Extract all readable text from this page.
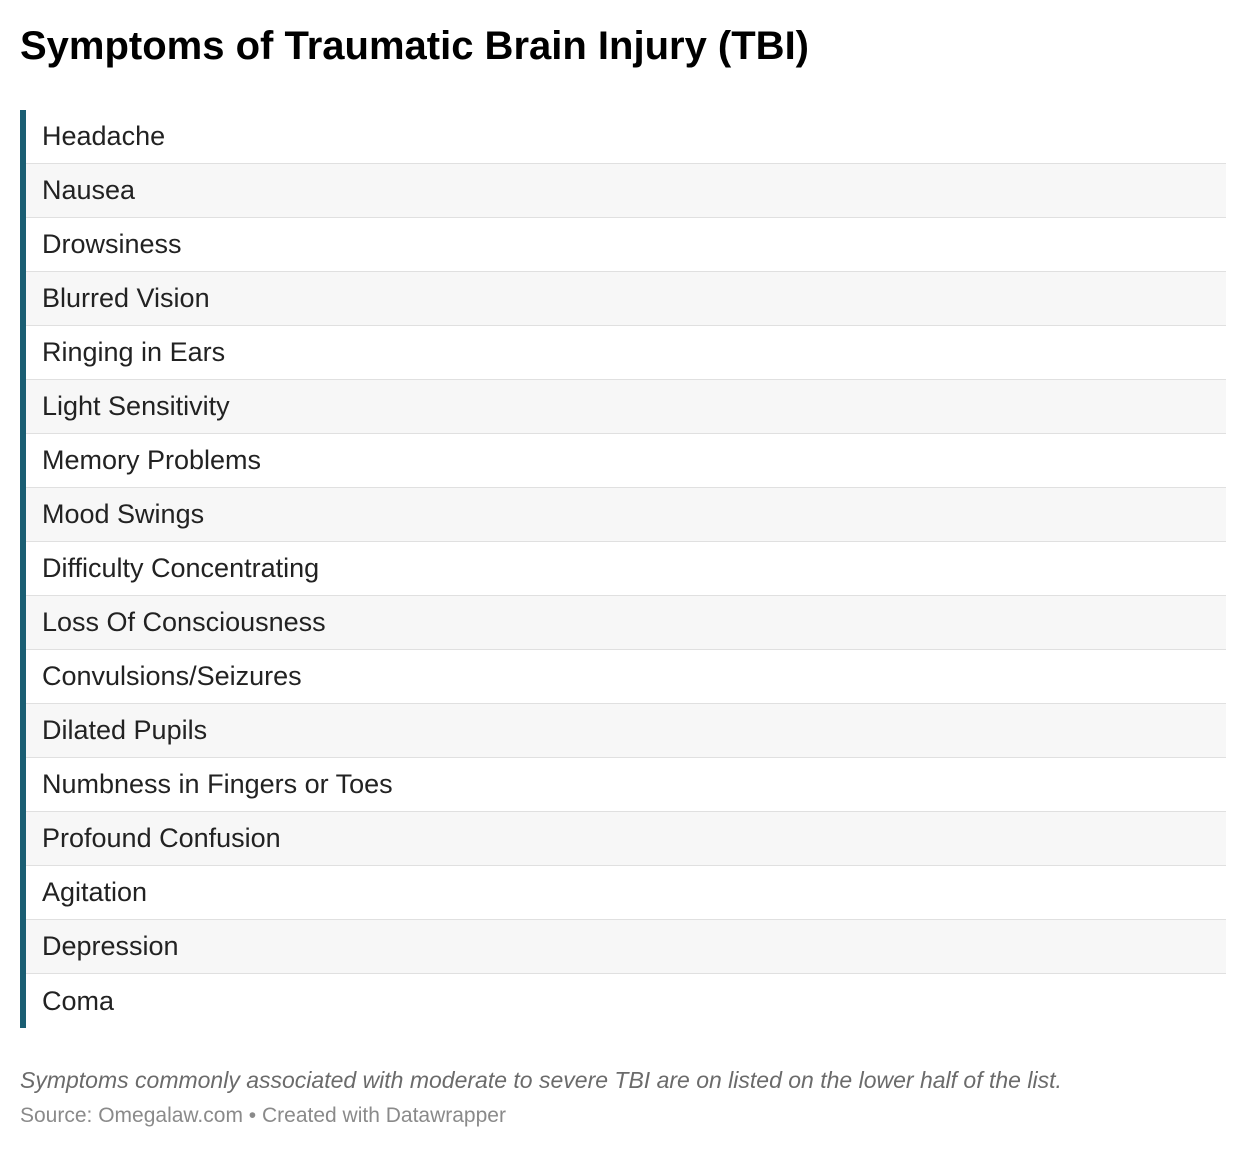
Symptoms of Traumatic Brain Injury (TBI)
Headache
Nausea
Drowsiness
Blurred Vision
Ringing in Ears
Light Sensitivity
Memory Problems
Mood Swings
Difficulty Concentrating
Loss Of Consciousness
Convulsions/Seizures
Dilated Pupils
Numbness in Fingers or Toes
Profound Confusion
Agitation
Depression
Coma
Symptoms commonly associated with moderate to severe TBI are on listed on the lower half of the list.
Source: Omegalaw.com • Created with Datawrapper
